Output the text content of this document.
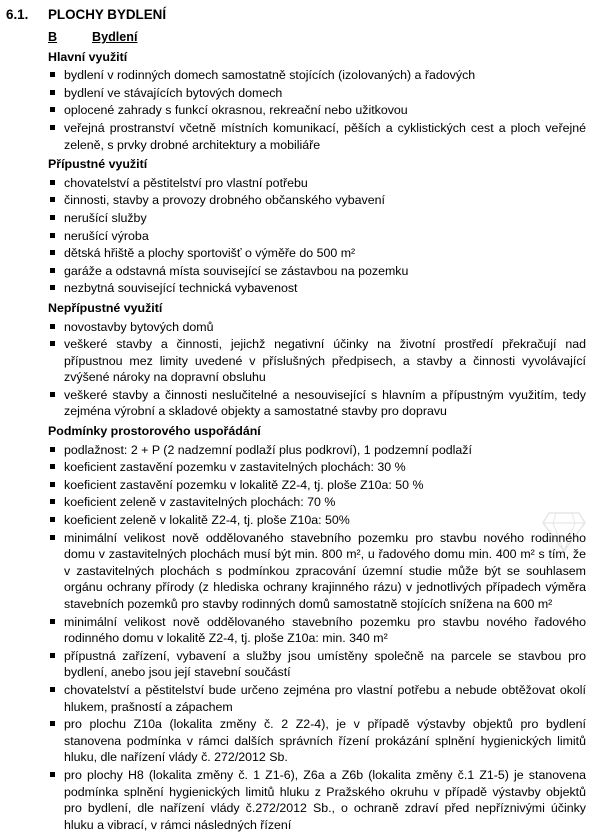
6.1.	PLOCHY BYDLENÍ
B	Bydlení
Hlavní využití
bydlení v rodinných domech samostatně stojících (izolovaných) a řadových
bydlení ve stávajících bytových domech
oplocené zahrady s funkcí okrasnou, rekreační nebo užitkovou
veřejná prostranství včetně místních komunikací, pěších a cyklistických cest a ploch veřejné zeleně, s prvky drobné architektury a mobiliáře
Přípustné využití
chovatelství a pěstitelství pro vlastní potřebu
činnosti, stavby a provozy drobného občanského vybavení
nerušící služby
nerušící výroba
dětská hřiště a plochy sportovišť o výměře do 500 m²
garáže a odstavná místa související se zástavbou na pozemku
nezbytná související technická vybavenost
Nepřípustné využití
novostavby bytových domů
veškeré stavby a činnosti, jejichž negativní účinky na životní prostředí překračují nad přípustnou mez limity uvedené v příslušných předpisech, a stavby a činnosti vyvolávající zvýšené nároky na dopravní obsluhu
veškeré stavby a činnosti neslučitelné a nesouvisející s hlavním a přípustným využitím, tedy zejména výrobní a skladové objekty a samostatné stavby pro dopravu
Podmínky prostorového uspořádání
podlažnost: 2 + P (2 nadzemní podlaží plus podkroví), 1 podzemní podlaží
koeficient zastavění pozemku v zastavitelných plochách: 30 %
koeficient zastavění pozemku v lokalitě Z2-4, tj. ploše Z10a: 50 %
koeficient zeleně v zastavitelných plochách: 70 %
koeficient zeleně v lokalitě Z2-4, tj. ploše Z10a: 50%
minimální velikost nově oddělovaného stavebního pozemku pro stavbu nového rodinného domu v zastavitelných plochách musí být min. 800 m², u řadového domu min. 400 m² s tím, že v zastavitelných plochách s podmínkou zpracování územní studie může být se souhlasem orgánu ochrany přírody (z hlediska ochrany krajinného rázu) v jednotlivých případech výměra stavebních pozemků pro stavby rodinných domů samostatně stojících snížena na 600 m²
minimální velikost nově oddělovaného stavebního pozemku pro stavbu nového řadového rodinného domu v lokalitě Z2-4, tj. ploše Z10a: min. 340 m²
přípustná zařízení, vybavení a služby jsou umístěny společně na parcele se stavbou pro bydlení, anebo jsou její stavební součástí
chovatelství a pěstitelství bude určeno zejména pro vlastní potřebu a nebude obtěžovat okolí hlukem, prašností a zápachem
pro plochu Z10a (lokalita změny č. 2 Z2-4), je v případě výstavby objektů pro bydlení stanovena podmínka v rámci dalších správních řízení prokázání splnění hygienických limitů hluku, dle nařízení vlády č. 272/2012 Sb.
pro plochy H8 (lokalita změny č. 1 Z1-6), Z6a a Z6b (lokalita změny č.1 Z1-5) je stanovena podmínka splnění hygienických limitů hluku z Pražského okruhu v případě výstavby objektů pro bydlení, dle nařízení vlády č.272/2012 Sb., o ochraně zdraví před nepříznivými účinky hluku a vibrací, v rámci následných řízení
